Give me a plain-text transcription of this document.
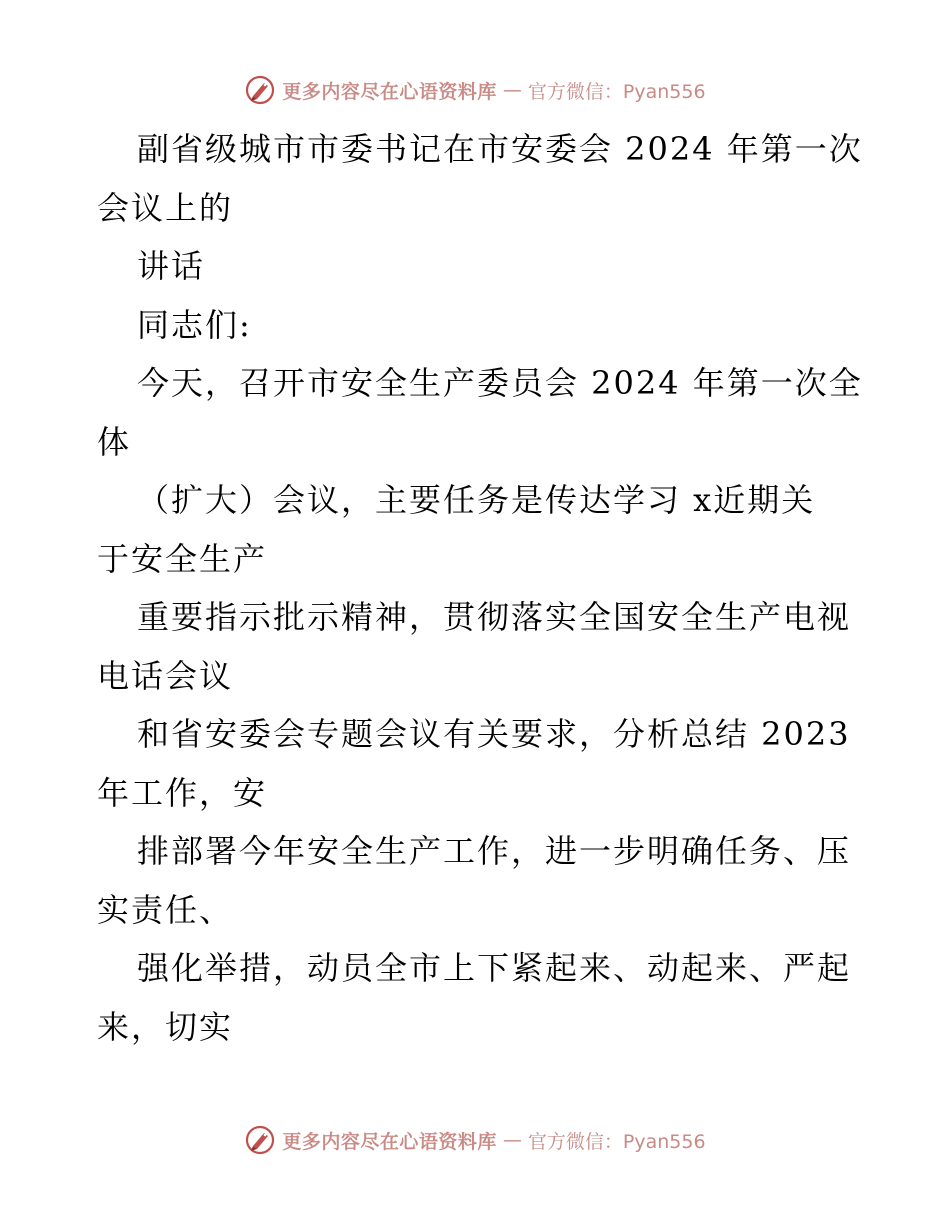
更多内容尽在心语资料库 — 官方微信：Pyan556
副省级城市市委书记在市安委会 2024 年第一次
会议上的
讲话
同志们:
今天，召开市安全生产委员会 2024 年第一次全
体
（扩大）会议，主要任务是传达学习 x近期关
于安全生产
重要指示批示精神，贯彻落实全国安全生产电视
电话会议
和省安委会专题会议有关要求，分析总结 2023
年工作，安
排部署今年安全生产工作，进一步明确任务、压
实责任、
强化举措，动员全市上下紧起来、动起来、严起
来，切实
更多内容尽在心语资料库 — 官方微信：Pyan556
